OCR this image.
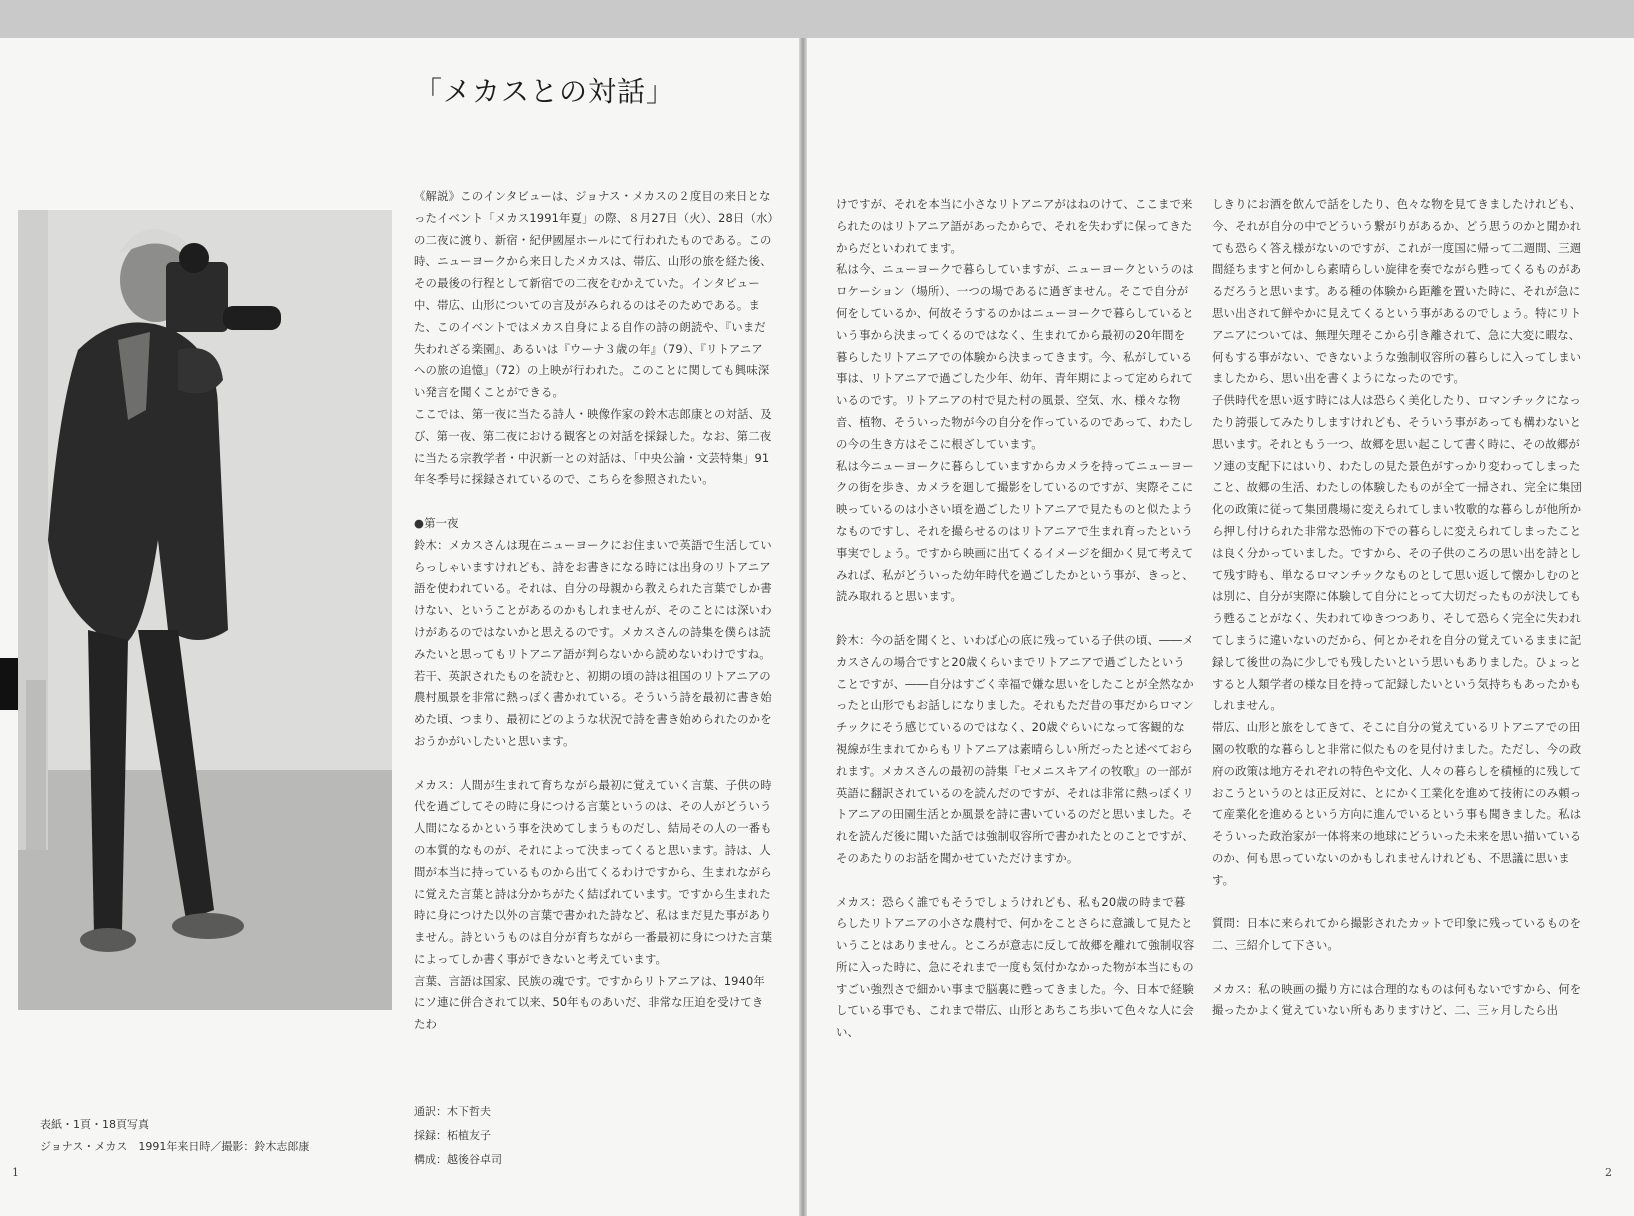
「メカスとの対話」

《解説》このインタビューは、ジョナス・メカスの２度目の来日となったイベント「メカス1991年夏」の際、８月27日（火）、28日（水）の二夜に渡り、新宿・紀伊國屋ホールにて行われたものである。この時、ニューヨークから来日したメカスは、帯広、山形の旅を経た後、その最後の行程として新宿での二夜をむかえていた。インタビュー中、帯広、山形についての言及がみられるのはそのためである。また、このイベントではメカス自身による自作の詩の朗読や、『いまだ失われざる楽園』、あるいは『ウーナ３歳の年』（79）、『リトアニアへの旅の追憶』（72）の上映が行われた。このことに関しても興味深い発言を聞くことができる。

ここでは、第一夜に当たる詩人・映像作家の鈴木志郎康との対話、及び、第一夜、第二夜における観客との対話を採録した。なお、第二夜に当たる宗教学者・中沢新一との対話は、「中央公論・文芸特集」91年冬季号に採録されているので、こちらを参照されたい。

●第一夜

鈴木：メカスさんは現在ニューヨークにお住まいで英語で生活していらっしゃいますけれども、詩をお書きになる時には出身のリトアニア語を使われている。それは、自分の母親から教えられた言葉でしか書けない、ということがあるのかもしれませんが、そのことには深いわけがあるのではないかと思えるのです。メカスさんの詩集を僕らは読みたいと思ってもリトアニア語が判らないから読めないわけですね。若干、英訳されたものを読むと、初期の頃の詩は祖国のリトアニアの農村風景を非常に熱っぽく書かれている。そういう詩を最初に書き始めた頃、つまり、最初にどのような状況で詩を書き始められたのかをおうかがいしたいと思います。

メカス：人間が生まれて育ちながら最初に覚えていく言葉、子供の時代を過ごしてその時に身につける言葉というのは、その人がどういう人間になるかという事を決めてしまうものだし、結局その人の一番もの本質的なものが、それによって決まってくると思います。詩は、人間が本当に持っているものから出てくるわけですから、生まれながらに覚えた言葉と詩は分かちがたく結ばれています。ですから生まれた時に身につけた以外の言葉で書かれた詩など、私はまだ見た事がありません。詩というものは自分が育ちながら一番最初に身につけた言葉によってしか書く事ができないと考えています。

言葉、言語は国家、民族の魂です。ですからリトアニアは、1940年にソ連に併合されて以来、50年ものあいだ、非常な圧迫を受けてきたわ

けですが、それを本当に小さなリトアニアがはねのけて、ここまで来られたのはリトアニア語があったからで、それを失わずに保ってきたからだといわれてます。

私は今、ニューヨークで暮らしていますが、ニューヨークというのはロケーション（場所）、一つの場であるに過ぎません。そこで自分が何をしているか、何故そうするのかはニューヨークで暮らしているという事から決まってくるのではなく、生まれてから最初の20年間を暮らしたリトアニアでの体験から決まってきます。今、私がしている事は、リトアニアで過ごした少年、幼年、青年期によって定められているのです。リトアニアの村で見た村の風景、空気、水、様々な物音、植物、そういった物が今の自分を作っているのであって、わたしの今の生き方はそこに根ざしています。

私は今ニューヨークに暮らしていますからカメラを持ってニューヨークの街を歩き、カメラを廻して撮影をしているのですが、実際そこに映っているのは小さい頃を過ごしたリトアニアで見たものと似たようなものですし、それを撮らせるのはリトアニアで生まれ育ったという事実でしょう。ですから映画に出てくるイメージを細かく見て考えてみれば、私がどういった幼年時代を過ごしたかという事が、きっと、読み取れると思います。

鈴木：今の話を聞くと、いわば心の底に残っている子供の頃、――メカスさんの場合ですと20歳くらいまでリトアニアで過ごしたということですが、――自分はすごく幸福で嫌な思いをしたことが全然なかったと山形でもお話しになりました。それもただ昔の事だからロマンチックにそう感じているのではなく、20歳ぐらいになって客観的な視線が生まれてからもリトアニアは素晴らしい所だったと述べておられます。メカスさんの最初の詩集『セメニスキアイの牧歌』の一部が英語に翻訳されているのを読んだのですが、それは非常に熱っぽくリトアニアの田園生活とか風景を詩に書いているのだと思いました。それを読んだ後に聞いた話では強制収容所で書かれたとのことですが、そのあたりのお話を聞かせていただけますか。

メカス：恐らく誰でもそうでしょうけれども、私も20歳の時まで暮らしたリトアニアの小さな農村で、何かをことさらに意識して見たということはありません。ところが意志に反して故郷を離れて強制収容所に入った時に、急にそれまで一度も気付かなかった物が本当にものすごい強烈さで細かい事まで脳裏に甦ってきました。今、日本で経験している事でも、これまで帯広、山形とあちこち歩いて色々な人に会い、

しきりにお酒を飲んで話をしたり、色々な物を見てきましたけれども、今、それが自分の中でどういう繋がりがあるか、どう思うのかと聞かれても恐らく答え様がないのですが、これが一度国に帰って二週間、三週間経ちますと何かしら素晴らしい旋律を奏でながら甦ってくるものがあるだろうと思います。ある種の体験から距離を置いた時に、それが急に思い出されて鮮やかに見えてくるという事があるのでしょう。特にリトアニアについては、無理矢理そこから引き離されて、急に大変に暇な、何もする事がない、できないような強制収容所の暮らしに入ってしまいましたから、思い出を書くようになったのです。

子供時代を思い返す時には人は恐らく美化したり、ロマンチックになったり誇張してみたりしますけれども、そういう事があっても構わないと思います。それともう一つ、故郷を思い起こして書く時に、その故郷がソ連の支配下にはいり、わたしの見た景色がすっかり変わってしまったこと、故郷の生活、わたしの体験したものが全て一掃され、完全に集団化の政策に従って集団農場に変えられてしまい牧歌的な暮らしが他所から押し付けられた非常な恐怖の下での暮らしに変えられてしまったことは良く分かっていました。ですから、その子供のころの思い出を詩として残す時も、単なるロマンチックなものとして思い返して懐かしむのとは別に、自分が実際に体験して自分にとって大切だったものが決してもう甦ることがなく、失われてゆきつつあり、そして恐らく完全に失われてしまうに違いないのだから、何とかそれを自分の覚えているままに記録して後世の為に少しでも残したいという思いもありました。ひょっとすると人類学者の様な目を持って記録したいという気持ちもあったかもしれません。

帯広、山形と旅をしてきて、そこに自分の覚えているリトアニアでの田園の牧歌的な暮らしと非常に似たものを見付けました。ただし、今の政府の政策は地方それぞれの特色や文化、人々の暮らしを積極的に残しておこうというのとは正反対に、とにかく工業化を進めて技術にのみ頼って産業化を進めるという方向に進んでいるという事も聞きました。私はそういった政治家が一体将来の地球にどういった未来を思い描いているのか、何も思っていないのかもしれませんけれども、不思議に思います。

質問：日本に来られてから撮影されたカットで印象に残っているものを二、三紹介して下さい。

メカス：私の映画の撮り方には合理的なものは何もないですから、何を撮ったかよく覚えていない所もありますけど、二、三ヶ月したら出

表紙・1頁・18頁写真
ジョナス・メカス　1991年来日時／撮影：鈴木志郎康
通訳：木下哲夫
採録：柘植友子
構成：越後谷卓司
1	2
